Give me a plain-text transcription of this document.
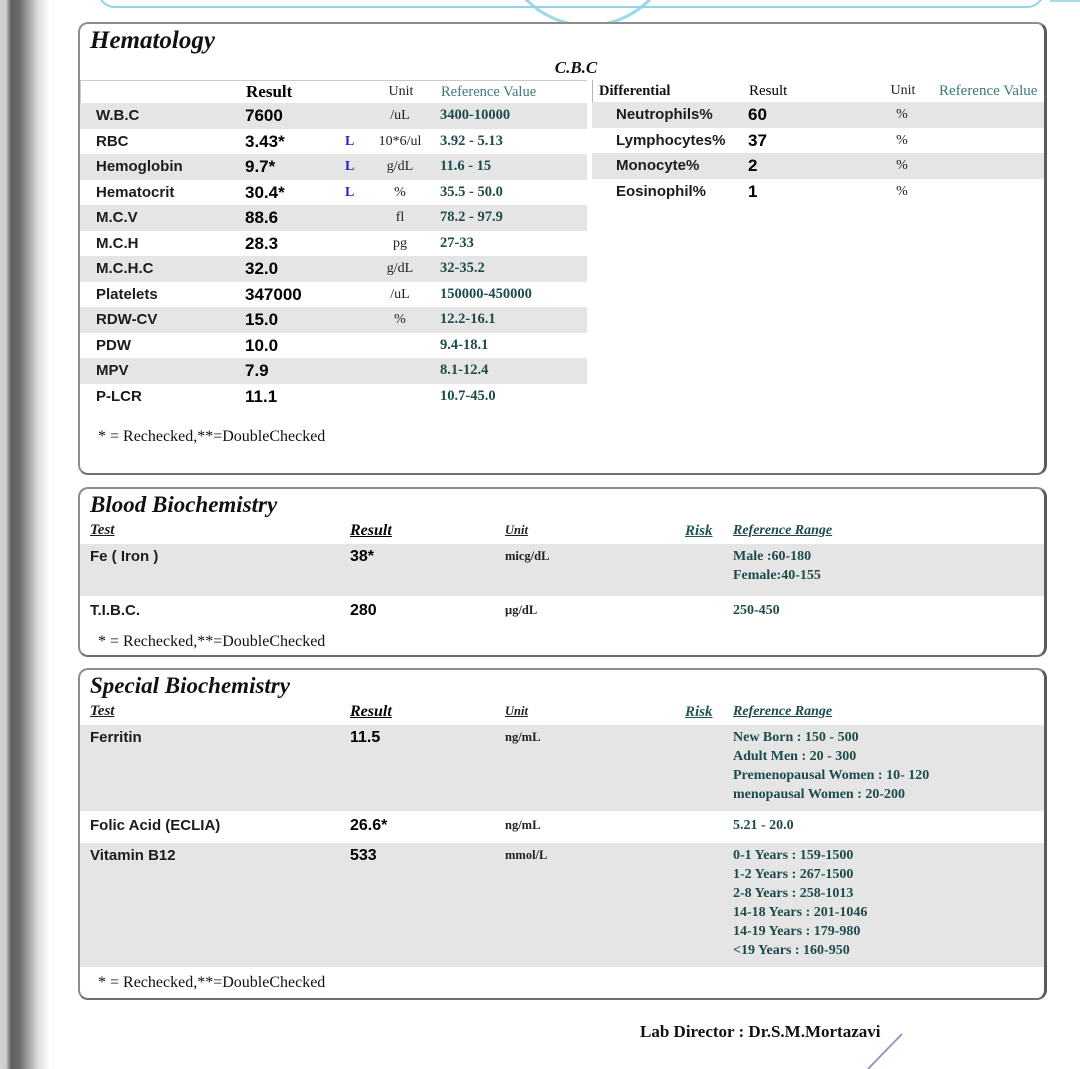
Hematology
C.B.C
Result	Unit	Reference Value
W.B.C	7600	/uL	3400-10000
RBC	3.43*	L	10*6/ul	3.92 - 5.13
Hemoglobin	9.7*	L	g/dL	11.6 - 15
Hematocrit	30.4*	L	%	35.5 - 50.0
M.C.V	88.6	fl	78.2 - 97.9
M.C.H	28.3	pg	27-33
M.C.H.C	32.0	g/dL	32-35.2
Platelets	347000	/uL	150000-450000
RDW-CV	15.0	%	12.2-16.1
PDW	10.0	9.4-18.1
MPV	7.9	8.1-12.4
P-LCR	11.1	10.7-45.0
Differential	Result	Unit	Reference Value
Neutrophils%	60	%
Lymphocytes%	37	%
Monocyte%	2	%
Eosinophil%	1	%
* = Rechecked,**=DoubleChecked
Blood Biochemistry
Test	Result	Unit	Risk	Reference Range
Fe ( Iron )	38*	micg/dL	Male :60-180
Female:40-155
T.I.B.C.	280	µg/dL	250-450
* = Rechecked,**=DoubleChecked
Special Biochemistry
Test	Result	Unit	Risk	Reference Range
Ferritin	11.5	ng/mL	New Born : 150 - 500
Adult Men : 20 - 300
Premenopausal Women : 10- 120
menopausal Women : 20-200
Folic Acid (ECLIA)	26.6*	ng/mL	5.21 - 20.0
Vitamin B12	533	mmol/L	0-1 Years : 159-1500
1-2 Years : 267-1500
2-8 Years : 258-1013
14-18 Years : 201-1046
14-19 Years : 179-980
<19 Years : 160-950
* = Rechecked,**=DoubleChecked
Lab Director : Dr.S.M.Mortazavi
